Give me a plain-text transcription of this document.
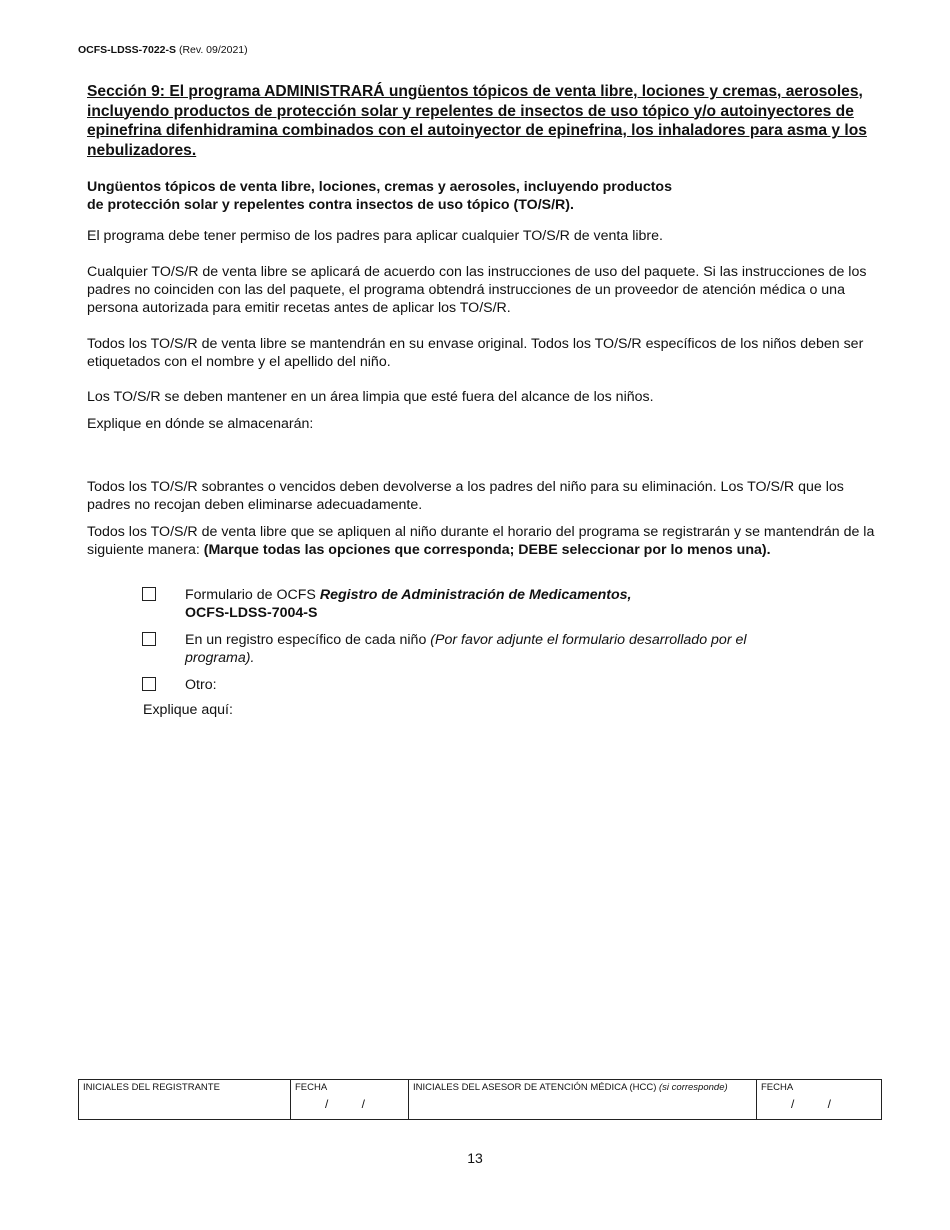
OCFS-LDSS-7022-S (Rev. 09/2021)
Sección 9: El programa ADMINISTRARÁ ungüentos tópicos de venta libre, lociones y cremas, aerosoles, incluyendo productos de protección solar y repelentes de insectos de uso tópico y/o autoinyectores de epinefrina difenhidramina combinados con el autoinyector de epinefrina, los inhaladores para asma y los nebulizadores.
Ungüentos tópicos de venta libre, lociones, cremas y aerosoles, incluyendo productos
de protección solar y repelentes contra insectos de uso tópico (TO/S/R).
El programa debe tener permiso de los padres para aplicar cualquier TO/S/R de venta libre.
Cualquier TO/S/R de venta libre se aplicará de acuerdo con las instrucciones de uso del paquete. Si las instrucciones de los padres no coinciden con las del paquete, el programa obtendrá instrucciones de un proveedor de atención médica o una persona autorizada para emitir recetas antes de aplicar los TO/S/R.
Todos los TO/S/R de venta libre se mantendrán en su envase original. Todos los TO/S/R específicos de los niños deben ser etiquetados con el nombre y el apellido del niño.
Los TO/S/R se deben mantener en un área limpia que esté fuera del alcance de los niños.
Explique en dónde se almacenarán:
Todos los TO/S/R sobrantes o vencidos deben devolverse a los padres del niño para su eliminación. Los TO/S/R que los padres no recojan deben eliminarse adecuadamente.
Todos los TO/S/R de venta libre que se apliquen al niño durante el horario del programa se registrarán y se mantendrán de la siguiente manera: (Marque todas las opciones que corresponda; DEBE seleccionar por lo menos una).
Formulario de OCFS Registro de Administración de Medicamentos,
OCFS-LDSS-7004-S
En un registro específico de cada niño (Por favor adjunte el formulario desarrollado por el programa).
Otro:
Explique aquí:
INICIALES DEL REGISTRANTE	FECHA
/          /
INICIALES DEL ASESOR DE ATENCIÓN MÉDICA (HCC) (si corresponde)	FECHA
/          /
13
